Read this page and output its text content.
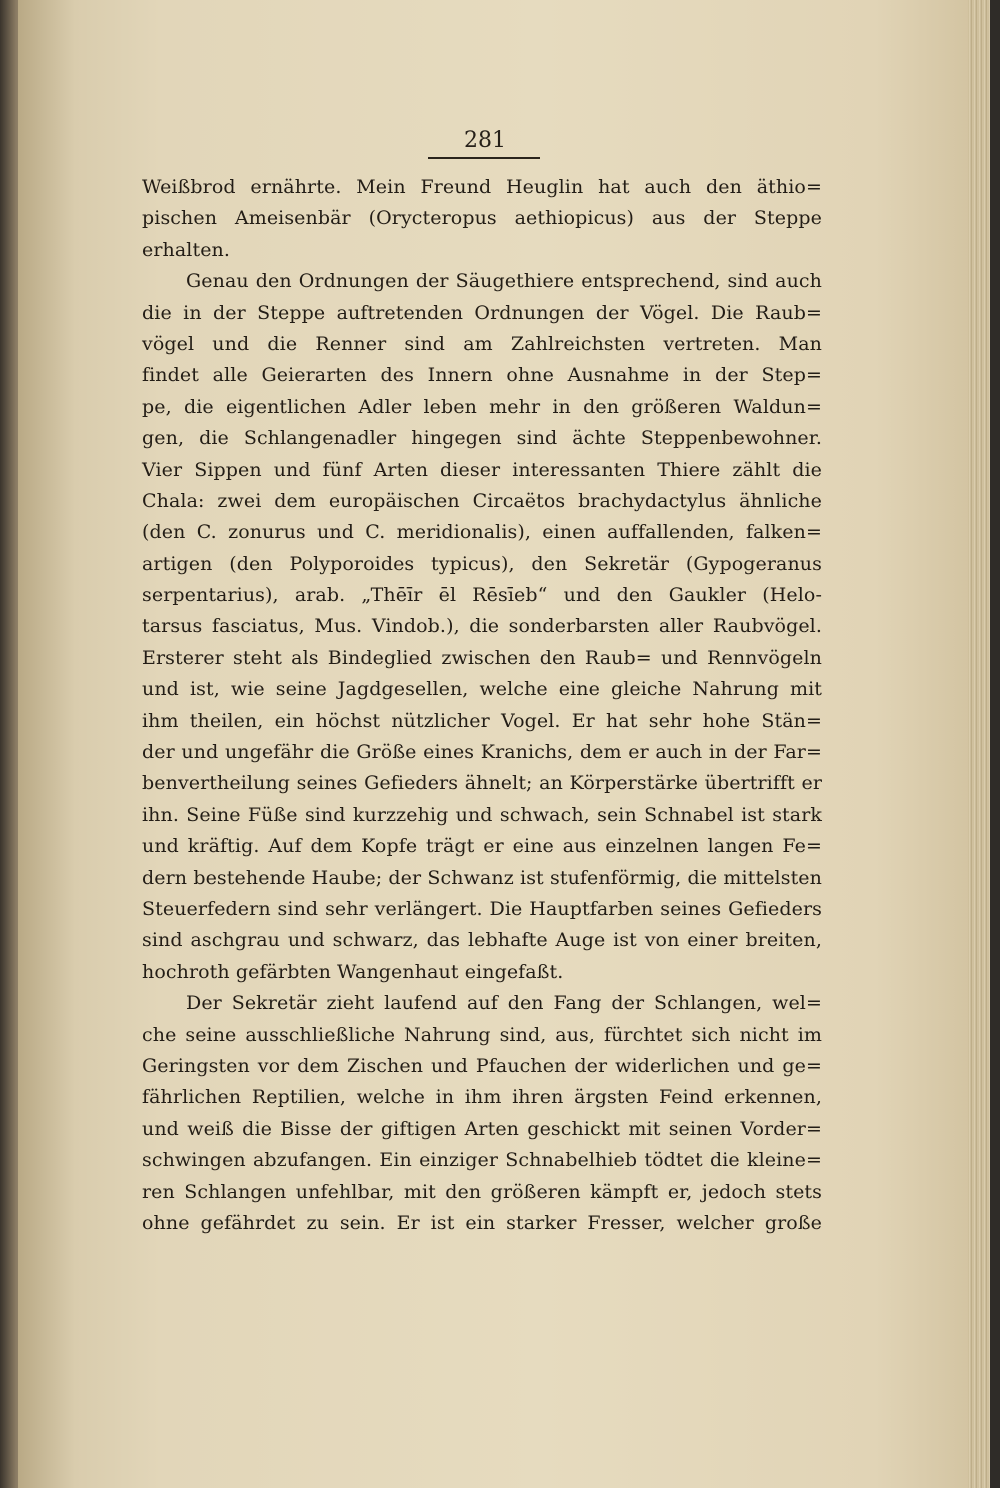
281
Weißbrod ernährte. Mein Freund Heuglin hat auch den äthio=
pischen Ameisenbär (Orycteropus aethiopicus) aus der Steppe
erhalten.
Genau den Ordnungen der Säugethiere entsprechend, sind auch
die in der Steppe auftretenden Ordnungen der Vögel. Die Raub=
vögel und die Renner sind am Zahlreichsten vertreten. Man
findet alle Geierarten des Innern ohne Ausnahme in der Step=
pe, die eigentlichen Adler leben mehr in den größeren Waldun=
gen, die Schlangenadler hingegen sind ächte Steppenbewohner.
Vier Sippen und fünf Arten dieser interessanten Thiere zählt die
Chala: zwei dem europäischen Circaëtos brachydactylus ähnliche
(den C. zonurus und C. meridionalis), einen auffallenden, falken=
artigen (den Polyporoides typicus), den Sekretär (Gypogeranus
serpentarius), arab. „Thēīr ēl Rēsīeb“ und den Gaukler (Helo-
tarsus fasciatus, Mus. Vindob.), die sonderbarsten aller Raubvögel.
Ersterer steht als Bindeglied zwischen den Raub= und Rennvögeln
und ist, wie seine Jagdgesellen, welche eine gleiche Nahrung mit
ihm theilen, ein höchst nützlicher Vogel. Er hat sehr hohe Stän=
der und ungefähr die Größe eines Kranichs, dem er auch in der Far=
benvertheilung seines Gefieders ähnelt; an Körperstärke übertrifft er
ihn. Seine Füße sind kurzzehig und schwach, sein Schnabel ist stark
und kräftig. Auf dem Kopfe trägt er eine aus einzelnen langen Fe=
dern bestehende Haube; der Schwanz ist stufenförmig, die mittelsten
Steuerfedern sind sehr verlängert. Die Hauptfarben seines Gefieders
sind aschgrau und schwarz, das lebhafte Auge ist von einer breiten,
hochroth gefärbten Wangenhaut eingefaßt.
Der Sekretär zieht laufend auf den Fang der Schlangen, wel=
che seine ausschließliche Nahrung sind, aus, fürchtet sich nicht im
Geringsten vor dem Zischen und Pfauchen der widerlichen und ge=
fährlichen Reptilien, welche in ihm ihren ärgsten Feind erkennen,
und weiß die Bisse der giftigen Arten geschickt mit seinen Vorder=
schwingen abzufangen. Ein einziger Schnabelhieb tödtet die kleine=
ren Schlangen unfehlbar, mit den größeren kämpft er, jedoch stets
ohne gefährdet zu sein. Er ist ein starker Fresser, welcher große
